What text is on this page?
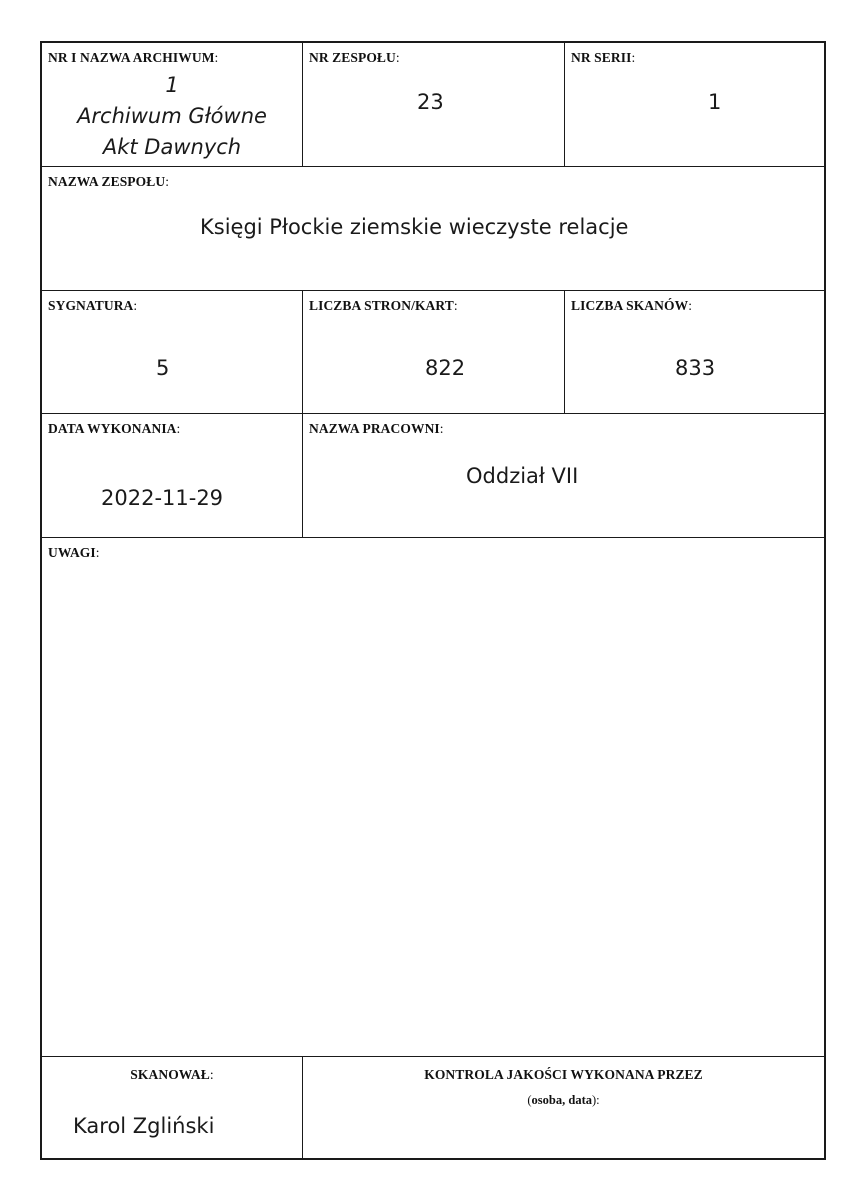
NR I NAZWA ARCHIWUM:
1
Archiwum Główne
Akt Dawnych
NR ZESPOŁU:
23
NR SERII:
1
NAZWA ZESPOŁU:
Księgi Płockie ziemskie wieczyste relacje
SYGNATURA:
5
LICZBA STRON/KART:
822
LICZBA SKANÓW:
833
DATA WYKONANIA:
2022-11-29
NAZWA PRACOWNI:
Oddział VII
UWAGI:
SKANOWAŁ:
Karol Zgliński
KONTROLA JAKOŚCI WYKONANA PRZEZ
(osoba, data):
